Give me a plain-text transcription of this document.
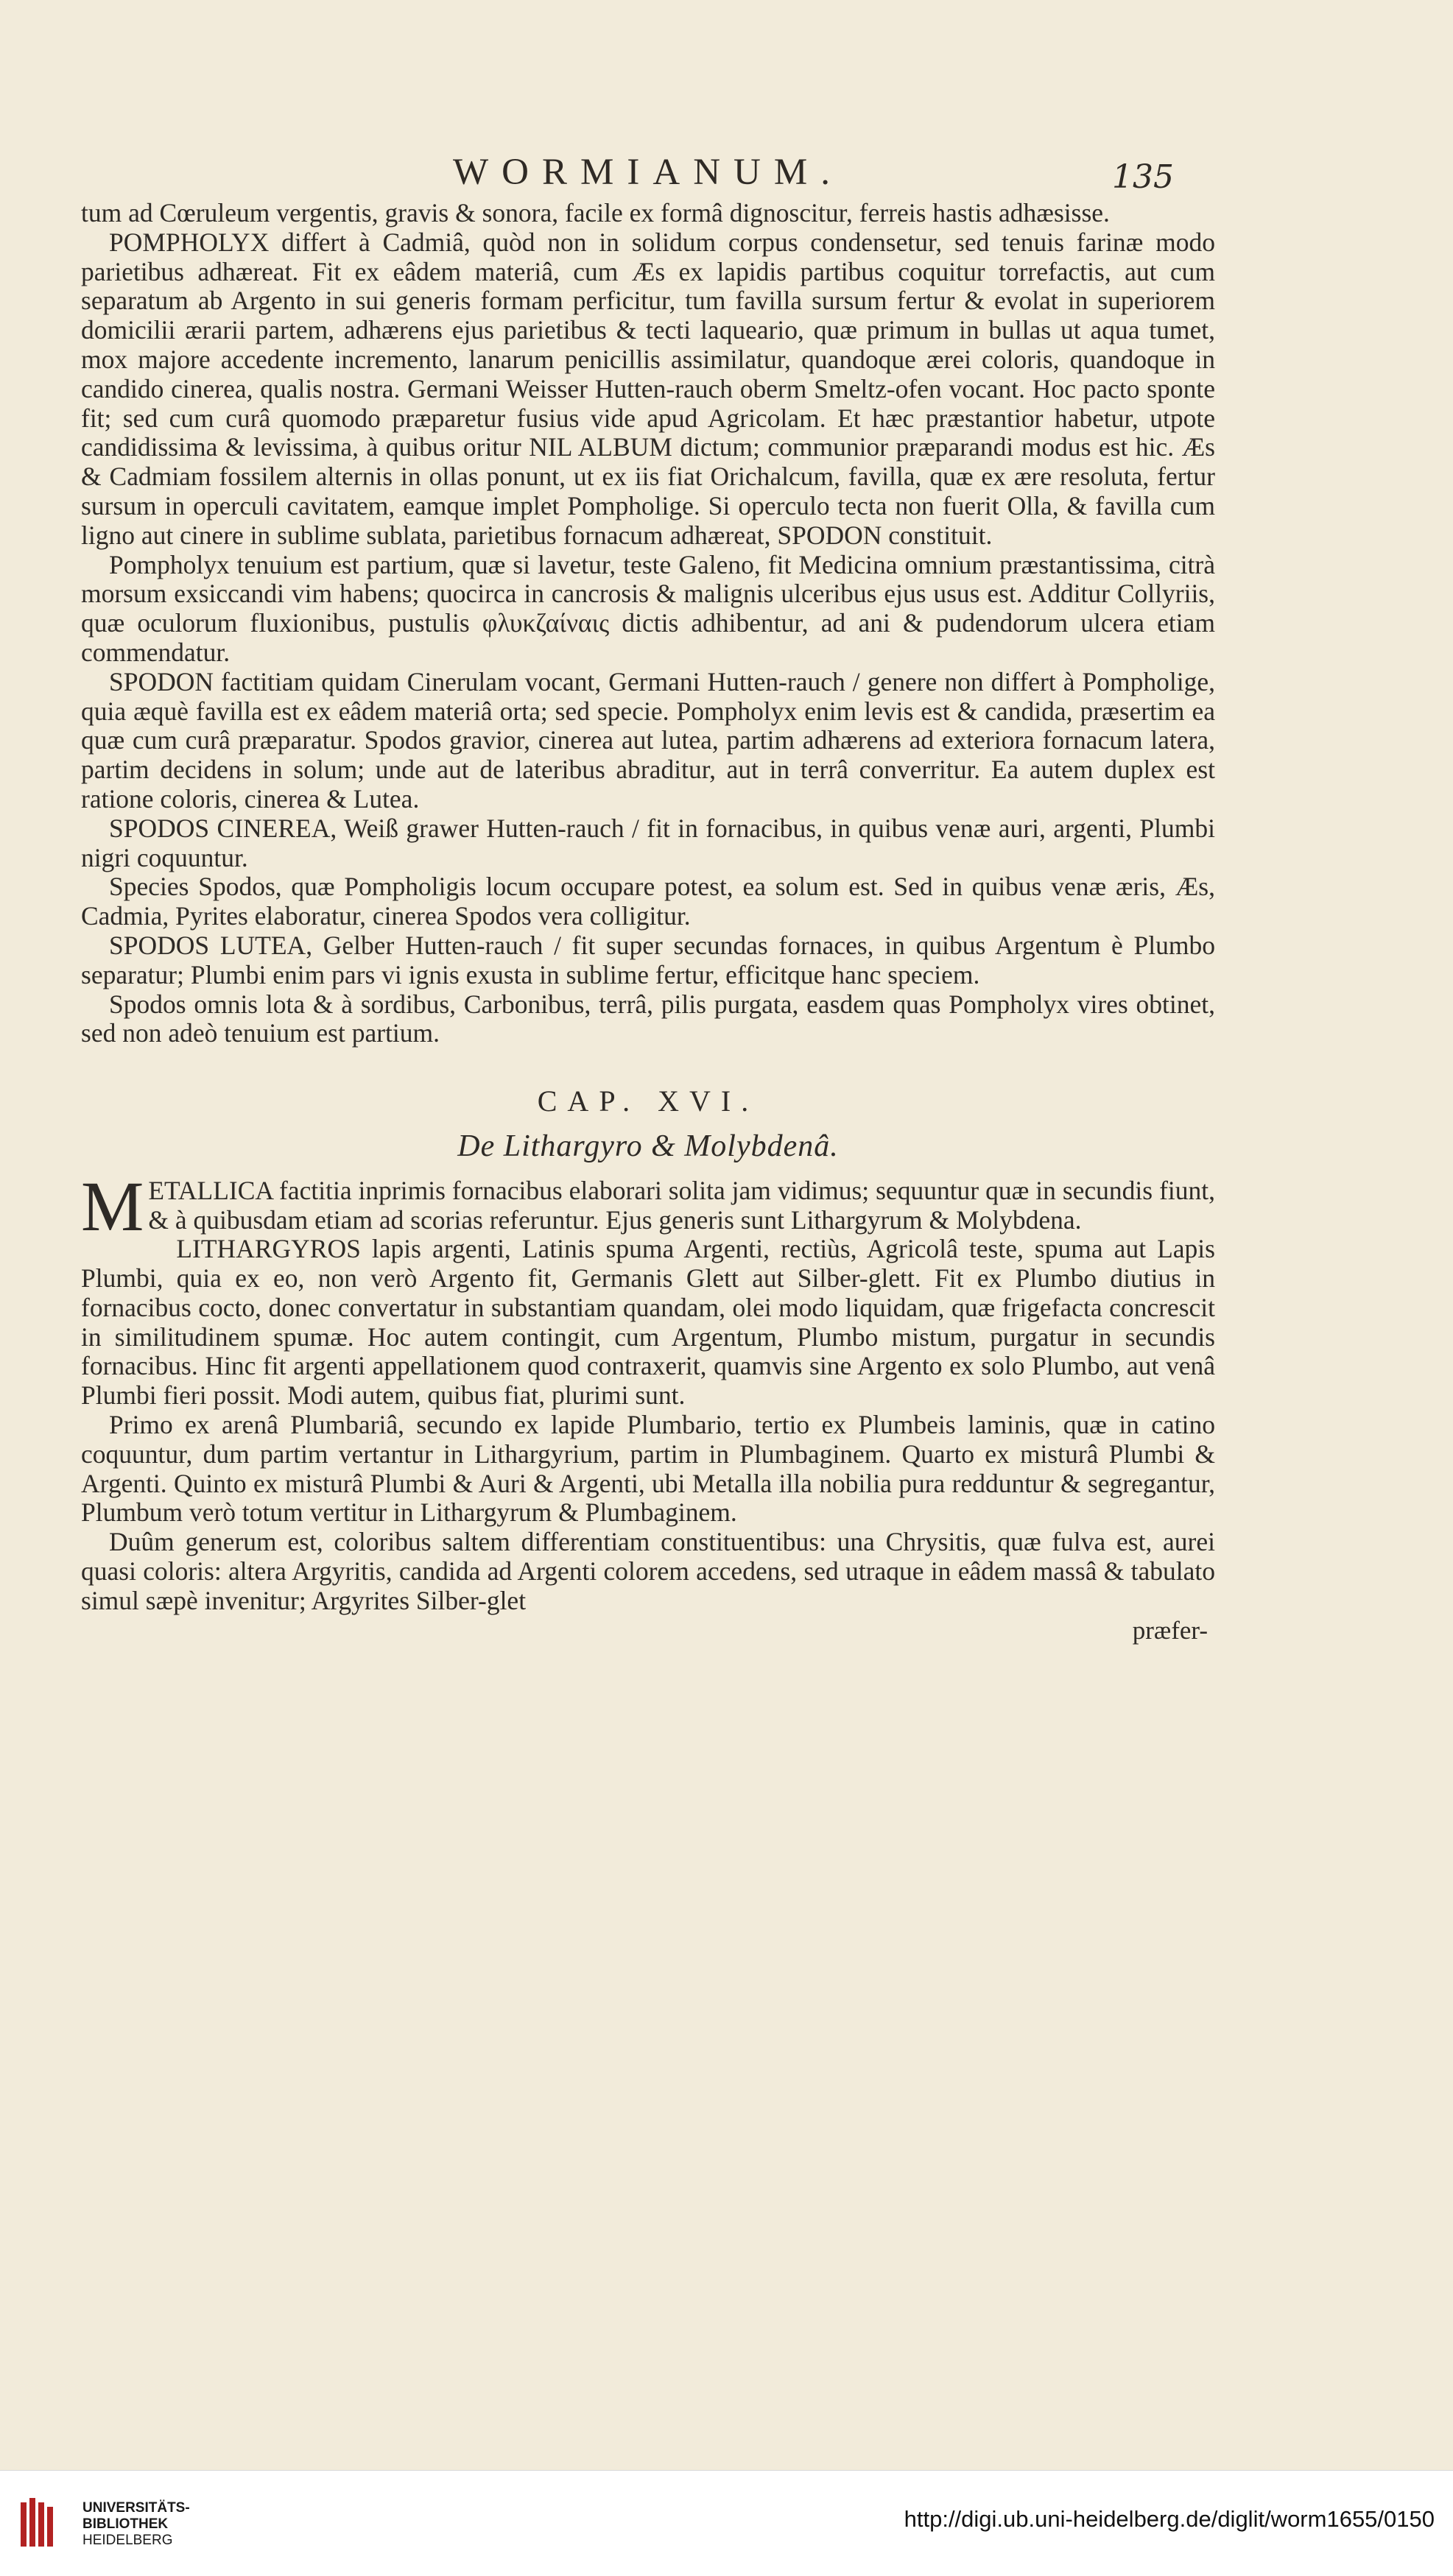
WORMIANUM.	135

tum ad Cœruleum vergentis, gravis & sonora, facile ex formâ dignoscitur, ferreis hastis adhæsisse.

POMPHOLYX differt à Cadmiâ, quòd non in solidum corpus condensetur, sed tenuis farinæ modo parietibus adhæreat. Fit ex eâdem materiâ, cum Æs ex lapidis partibus coquitur torrefactis, aut cum separatum ab Argento in sui generis formam perficitur, tum favilla sursum fertur & evolat in superiorem domicilii ærarii partem, adhærens ejus parietibus & tecti laqueario, quæ primum in bullas ut aqua tumet, mox majore accedente incremento, lanarum penicillis assimilatur, quandoque ærei coloris, quandoque in candido cinerea, qualis nostra. Germani Weisser Hutten-rauch oberm Smeltz-ofen vocant. Hoc pacto sponte fit; sed cum curâ quomodo præparetur fusius vide apud Agricolam. Et hæc præstantior habetur, utpote candidissima & levissima, à quibus oritur NIL ALBUM dictum; communior præparandi modus est hic. Æs & Cadmiam fossilem alternis in ollas ponunt, ut ex iis fiat Orichalcum, favilla, quæ ex ære resoluta, fertur sursum in operculi cavitatem, eamque implet Pompholige. Si operculo tecta non fuerit Olla, & favilla cum ligno aut cinere in sublime sublata, parietibus fornacum adhæreat, SPODON constituit.

Pompholyx tenuium est partium, quæ si lavetur, teste Galeno, fit Medicina omnium præstantissima, citrà morsum exsiccandi vim habens; quocirca in cancrosis & malignis ulceribus ejus usus est. Additur Collyriis, quæ oculorum fluxionibus, pustulis φλυκζαίναις dictis adhibentur, ad ani & pudendorum ulcera etiam commendatur.

SPODON factitiam quidam Cinerulam vocant, Germani Hutten-rauch / genere non differt à Pompholige, quia æquè favilla est ex eâdem materiâ orta; sed specie. Pompholyx enim levis est & candida, præsertim ea quæ cum curâ præparatur. Spodos gravior, cinerea aut lutea, partim adhærens ad exteriora fornacum latera, partim decidens in solum; unde aut de lateribus abraditur, aut in terrâ converritur. Ea autem duplex est ratione coloris, cinerea & Lutea.

SPODOS CINEREA, Weiß grawer Hutten-rauch / fit in fornacibus, in quibus venæ auri, argenti, Plumbi nigri coquuntur.

Species Spodos, quæ Pompholigis locum occupare potest, ea solum est. Sed in quibus venæ æris, Æs, Cadmia, Pyrites elaboratur, cinerea Spodos vera colligitur.

SPODOS LUTEA, Gelber Hutten-rauch / fit super secundas fornaces, in quibus Argentum è Plumbo separatur; Plumbi enim pars vi ignis exusta in sublime fertur, efficitque hanc speciem.

Spodos omnis lota & à sordibus, Carbonibus, terrâ, pilis purgata, easdem quas Pompholyx vires obtinet, sed non adeò tenuium est partium.

CAP. XVI.
De Lithargyro & Molybdenâ.

METALLICA factitia inprimis fornacibus elaborari solita jam vidimus; sequuntur quæ in secundis fiunt, & à quibusdam etiam ad scorias referuntur. Ejus generis sunt Lithargyrum & Molybdena.

LITHARGYROS lapis argenti, Latinis spuma Argenti, rectiùs, Agricolâ teste, spuma aut Lapis Plumbi, quia ex eo, non verò Argento fit, Germanis Glett aut Silber-glett. Fit ex Plumbo diutius in fornacibus cocto, donec convertatur in substantiam quandam, olei modo liquidam, quæ frigefacta concrescit in similitudinem spumæ. Hoc autem contingit, cum Argentum, Plumbo mistum, purgatur in secundis fornacibus. Hinc fit argenti appellationem quod contraxerit, quamvis sine Argento ex solo Plumbo, aut venâ Plumbi fieri possit. Modi autem, quibus fiat, plurimi sunt.

Primo ex arenâ Plumbariâ, secundo ex lapide Plumbario, tertio ex Plumbeis laminis, quæ in catino coquuntur, dum partim vertantur in Lithargyrium, partim in Plumbaginem. Quarto ex misturâ Plumbi & Argenti. Quinto ex misturâ Plumbi & Auri & Argenti, ubi Metalla illa nobilia pura redduntur & segregantur, Plumbum verò totum vertitur in Lithargyrum & Plumbaginem.

Duûm generum est, coloribus saltem differentiam constituentibus: una Chrysitis, quæ fulva est, aurei quasi coloris: altera Argyritis, candida ad Argenti colorem accedens, sed utraque in eâdem massâ & tabulato simul sæpè invenitur; Argyrites Silber-glet

præfer-
UNIVERSITÄTS-
BIBLIOTHEK
HEIDELBERG
http://digi.ub.uni-heidelberg.de/diglit/worm1655/0150
